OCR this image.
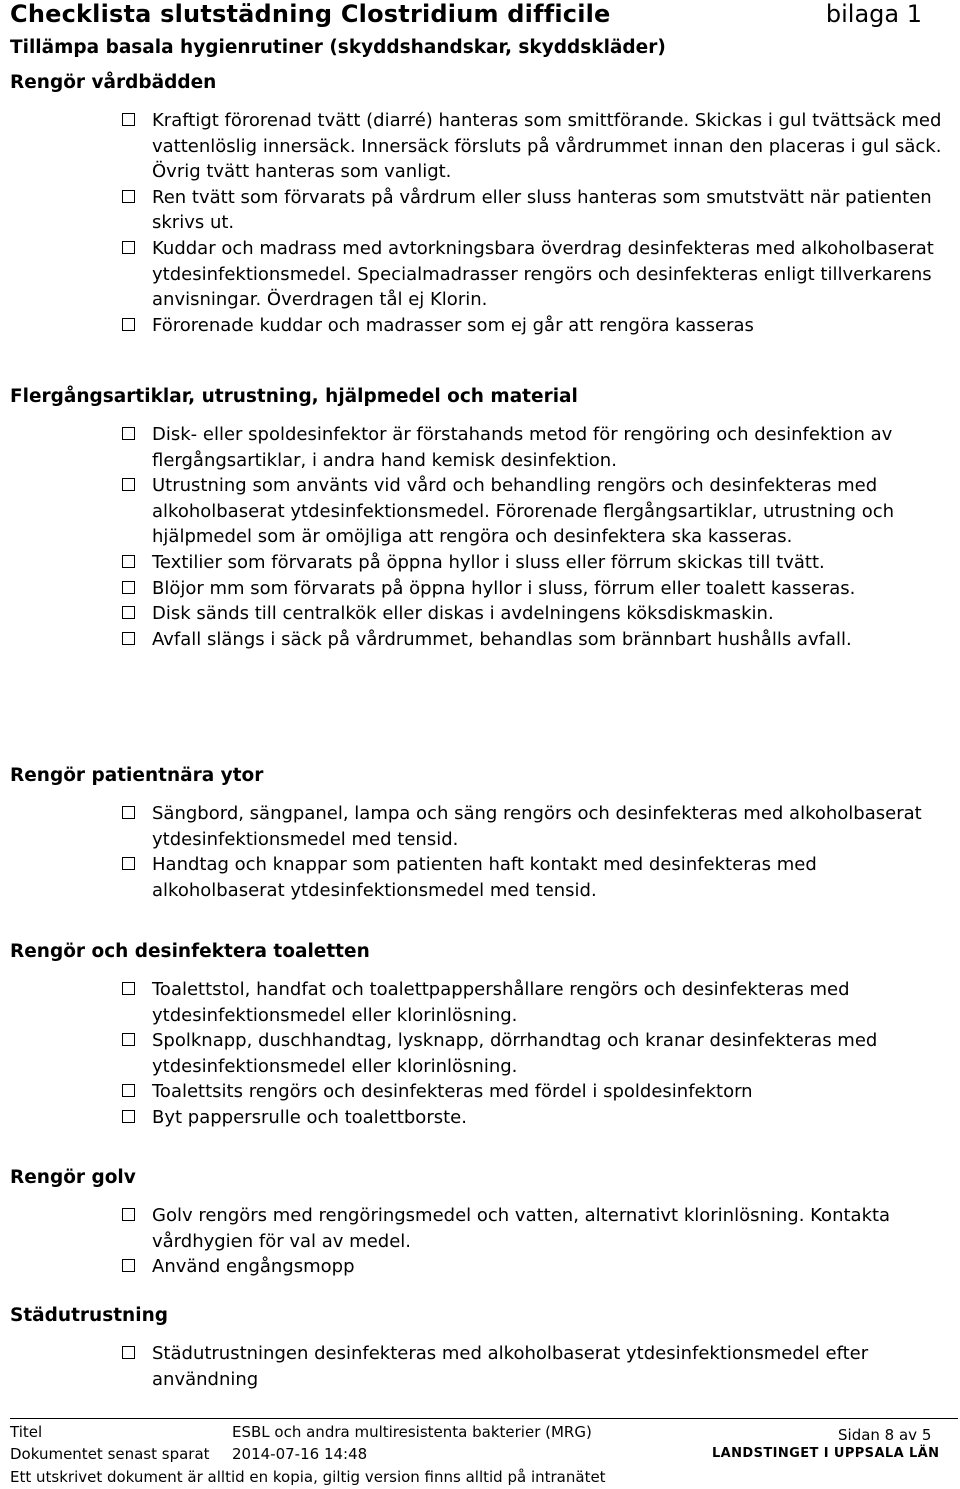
Checklista slutstädning Clostridium difficile	bilaga 1
Tillämpa basala hygienrutiner (skyddshandskar, skyddskläder)
Rengör vårdbädden
Kraftigt förorenad tvätt (diarré) hanteras som smittförande. Skickas i gul tvättsäck med vattenlöslig innersäck. Innersäck försluts på vårdrummet innan den placeras i gul säck. Övrig tvätt hanteras som vanligt.
Ren tvätt som förvarats på vårdrum eller sluss hanteras som smutstvätt när patienten skrivs ut.
Kuddar och madrass med avtorkningsbara överdrag desinfekteras med alkoholbaserat ytdesinfektionsmedel. Specialmadrasser rengörs och desinfekteras enligt tillverkarens anvisningar. Överdragen tål ej Klorin.
Förorenade kuddar och madrasser som ej går att rengöra kasseras
Flergångsartiklar, utrustning, hjälpmedel och material
Disk- eller spoldesinfektor är förstahands metod för rengöring och desinfektion av flergångsartiklar, i andra hand kemisk desinfektion.
Utrustning som använts vid vård och behandling rengörs och desinfekteras med alkoholbaserat ytdesinfektionsmedel. Förorenade flergångsartiklar, utrustning och hjälpmedel som är omöjliga att rengöra och desinfektera ska kasseras.
Textilier som förvarats på öppna hyllor i sluss eller förrum skickas till tvätt.
Blöjor mm som förvarats på öppna hyllor i sluss, förrum eller toalett kasseras.
Disk sänds till centralkök eller diskas i avdelningens köksdiskmaskin.
Avfall slängs i säck på vårdrummet, behandlas som brännbart hushålls avfall.
Rengör patientnära ytor
Sängbord, sängpanel, lampa och säng rengörs och desinfekteras med alkoholbaserat ytdesinfektionsmedel med tensid.
Handtag och knappar som patienten haft kontakt med desinfekteras med alkoholbaserat ytdesinfektionsmedel med tensid.
Rengör och desinfektera toaletten
Toalettstol, handfat och toalettpappershållare rengörs och desinfekteras med ytdesinfektionsmedel eller klorinlösning.
Spolknapp, duschhandtag, lysknapp, dörrhandtag och kranar desinfekteras med ytdesinfektionsmedel eller klorinlösning.
Toalettsits rengörs och desinfekteras med fördel i spoldesinfektorn
Byt pappersrulle och toalettborste.
Rengör golv
Golv rengörs med rengöringsmedel och vatten, alternativt klorinlösning. Kontakta vårdhygien för val av medel.
Använd engångsmopp
Städutrustning
Städutrustningen desinfekteras med alkoholbaserat ytdesinfektionsmedel efter användning
Titel	ESBL och andra multiresistenta bakterier (MRG)	Sidan 8 av 5
Dokumentet senast sparat 2014-07-16 14:48	LANDSTINGET I UPPSALA LÄN
Ett utskrivet dokument är alltid en kopia, giltig version finns alltid på intranätet
